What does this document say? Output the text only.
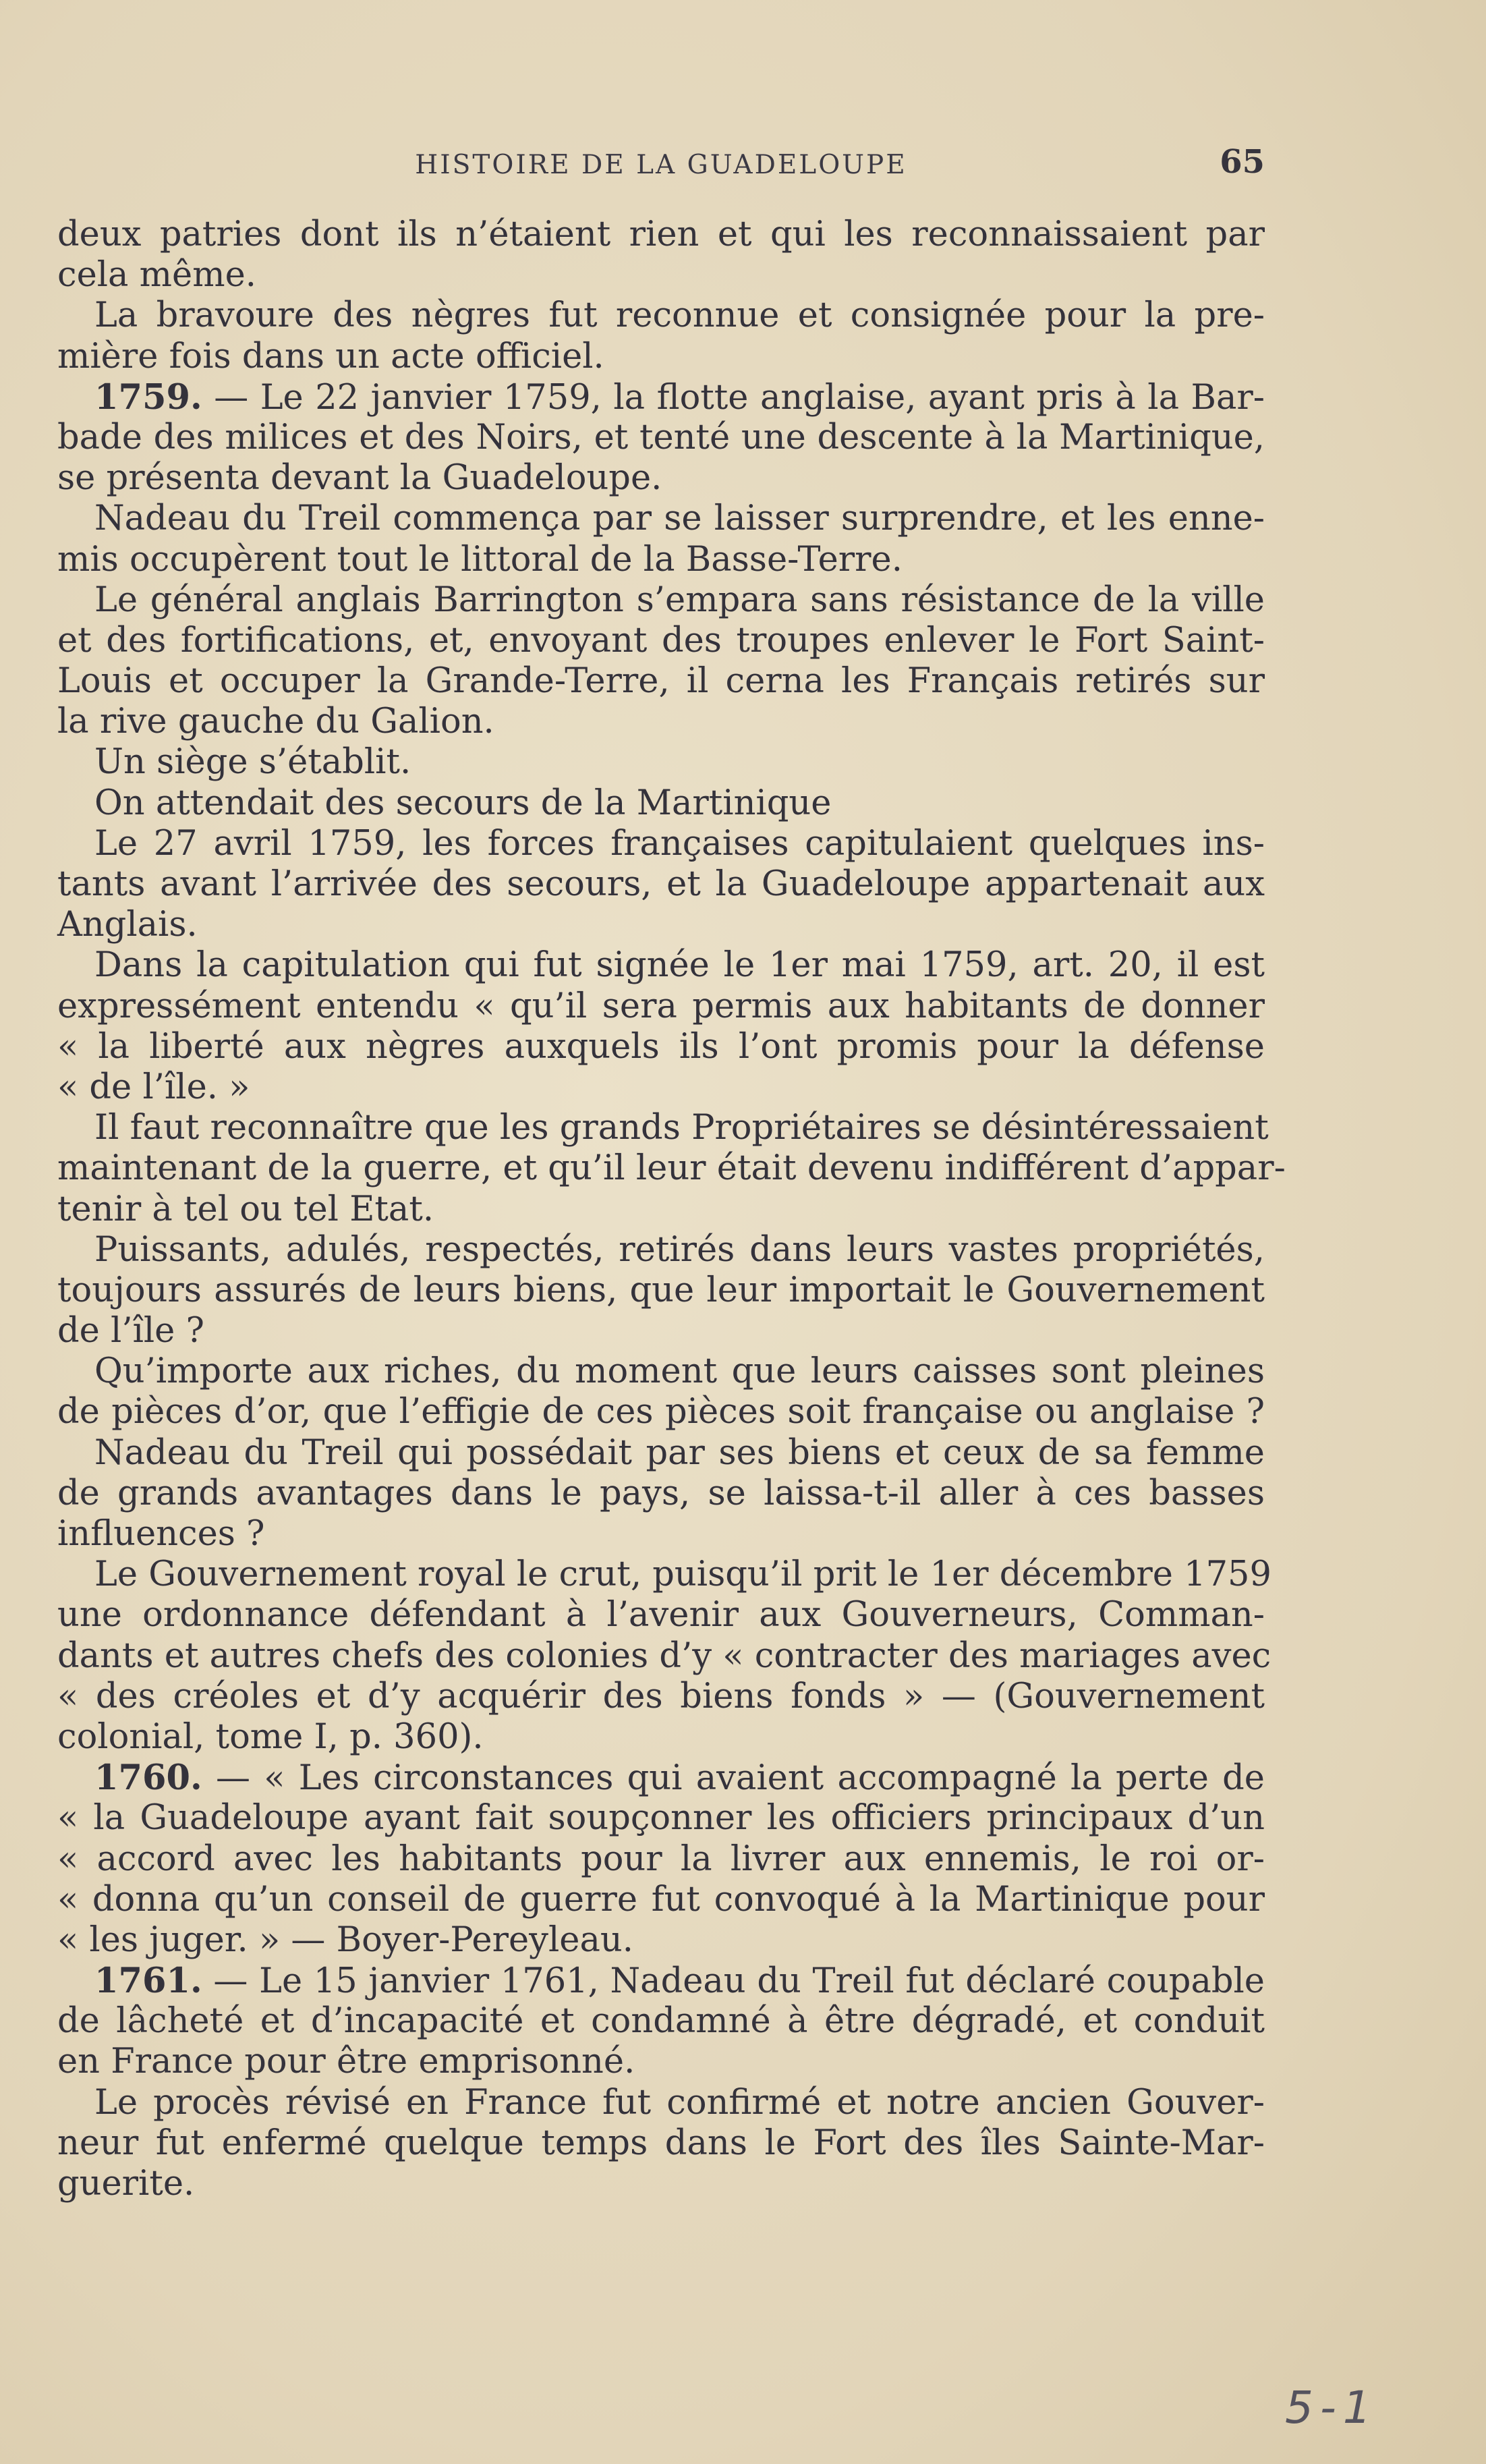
HISTOIRE DE LA GUADELOUPE	65
deux patries dont ils n’étaient rien et qui les reconnaissaient par
cela même.
La bravoure des nègres fut reconnue et consignée pour la pre-
mière fois dans un acte officiel.
1759. — Le 22 janvier 1759, la flotte anglaise, ayant pris à la Bar-
bade des milices et des Noirs, et tenté une descente à la Martinique,
se présenta devant la Guadeloupe.
Nadeau du Treil commença par se laisser surprendre, et les enne-
mis occupèrent tout le littoral de la Basse-Terre.
Le général anglais Barrington s’empara sans résistance de la ville
et des fortifications, et, envoyant des troupes enlever le Fort Saint-
Louis et occuper la Grande-Terre, il cerna les Français retirés sur
la rive gauche du Galion.
Un siège s’établit.
On attendait des secours de la Martinique
Le 27 avril 1759, les forces françaises capitulaient quelques ins-
tants avant l’arrivée des secours, et la Guadeloupe appartenait aux
Anglais.
Dans la capitulation qui fut signée le 1er mai 1759, art. 20, il est
expressément entendu « qu’il sera permis aux habitants de donner
« la liberté aux nègres auxquels ils l’ont promis pour la défense
« de l’île. »
Il faut reconnaître que les grands Propriétaires se désintéressaient
maintenant de la guerre, et qu’il leur était devenu indifférent d’appar-
tenir à tel ou tel Etat.
Puissants, adulés, respectés, retirés dans leurs vastes propriétés,
toujours assurés de leurs biens, que leur importait le Gouvernement
de l’île ?
Qu’importe aux riches, du moment que leurs caisses sont pleines
de pièces d’or, que l’effigie de ces pièces soit française ou anglaise ?
Nadeau du Treil qui possédait par ses biens et ceux de sa femme
de grands avantages dans le pays, se laissa-t-il aller à ces basses
influences ?
Le Gouvernement royal le crut, puisqu’il prit le 1er décembre 1759
une ordonnance défendant à l’avenir aux Gouverneurs, Comman-
dants et autres chefs des colonies d’y « contracter des mariages avec
« des créoles et d’y acquérir des biens fonds » — (Gouvernement
colonial, tome I, p. 360).
1760. — « Les circonstances qui avaient accompagné la perte de
« la Guadeloupe ayant fait soupçonner les officiers principaux d’un
« accord avec les habitants pour la livrer aux ennemis, le roi or-
« donna qu’un conseil de guerre fut convoqué à la Martinique pour
« les juger. » — Boyer-Pereyleau.
1761. — Le 15 janvier 1761, Nadeau du Treil fut déclaré coupable
de lâcheté et d’incapacité et condamné à être dégradé, et conduit
en France pour être emprisonné.
Le procès révisé en France fut confirmé et notre ancien Gouver-
neur fut enfermé quelque temps dans le Fort des îles Sainte-Mar-
guerite.
5-1
